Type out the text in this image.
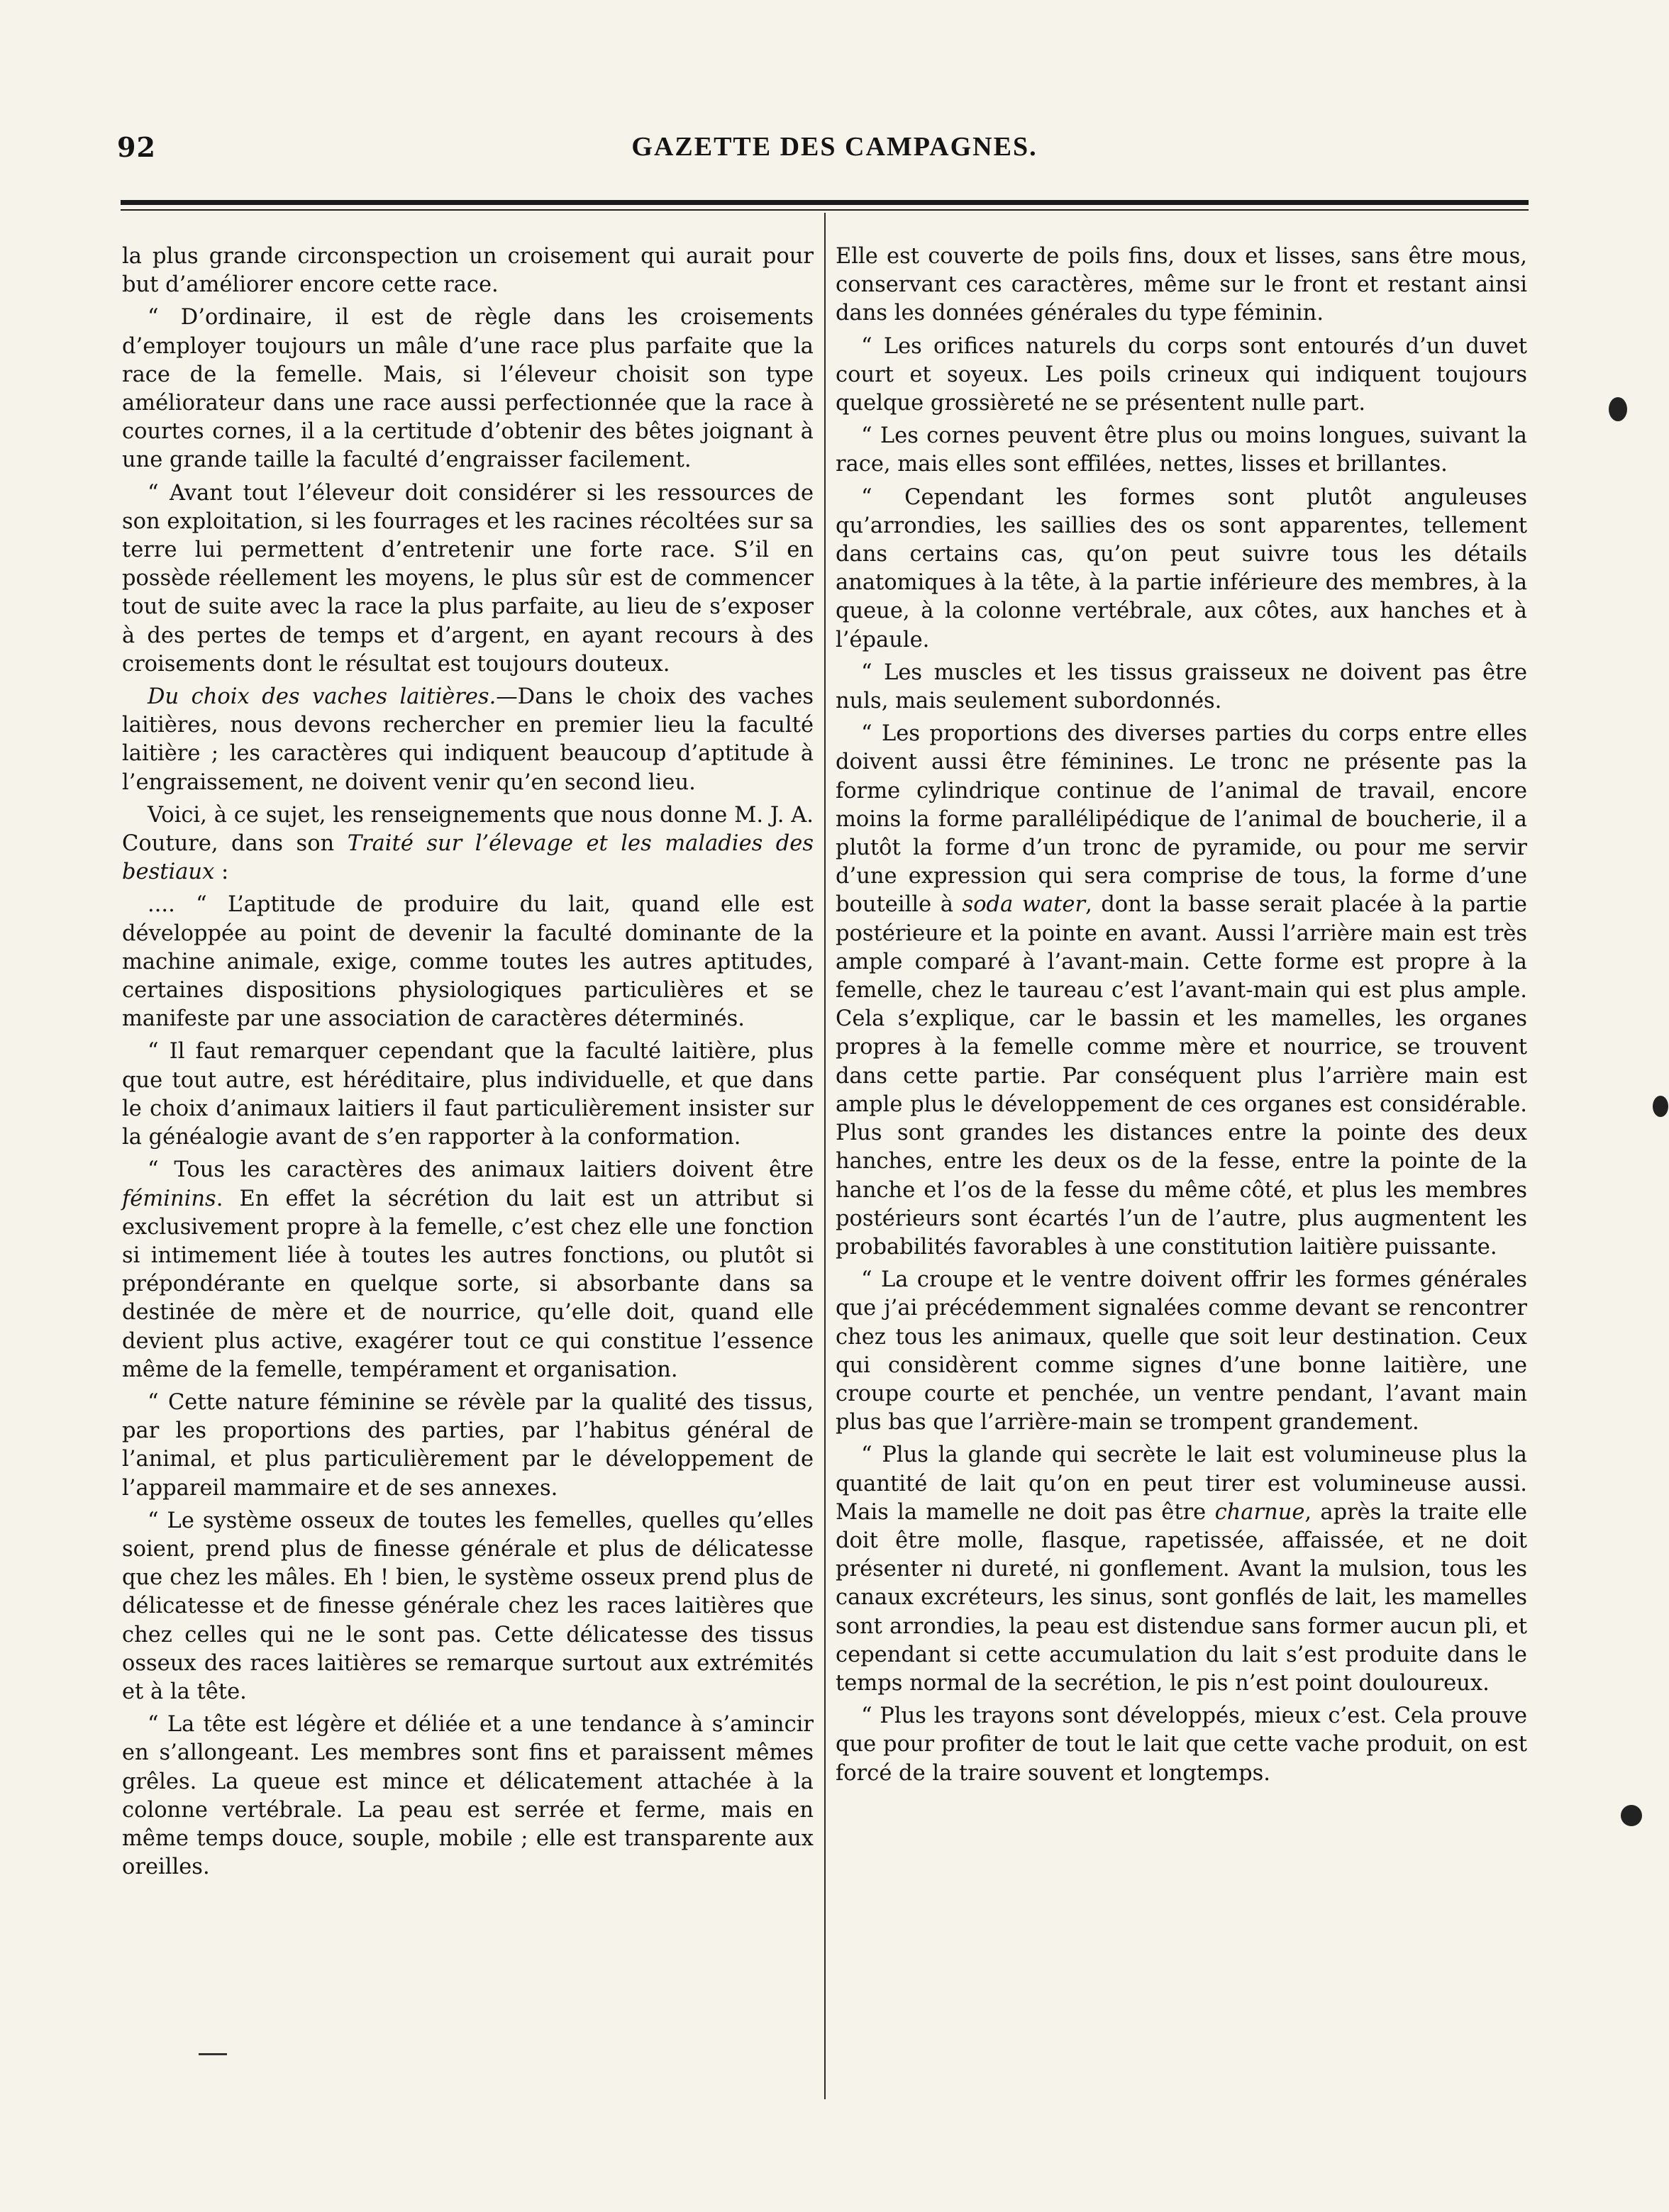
92	GAZETTE DES CAMPAGNES.

la plus grande circonspection un croisement qui aurait pour but d’améliorer encore cette race.

“ D’ordinaire, il est de règle dans les croisements d’employer toujours un mâle d’une race plus parfaite que la race de la femelle. Mais, si l’éleveur choisit son type améliorateur dans une race aussi perfectionnée que la race à courtes cornes, il a la certitude d’obtenir des bêtes joignant à une grande taille la faculté d’engraisser facilement.

“ Avant tout l’éleveur doit considérer si les ressources de son exploitation, si les fourrages et les racines récoltées sur sa terre lui permettent d’entretenir une forte race. S’il en possède réellement les moyens, le plus sûr est de commencer tout de suite avec la race la plus parfaite, au lieu de s’exposer à des pertes de temps et d’argent, en ayant recours à des croisements dont le résultat est toujours douteux.

Du choix des vaches laitières.—Dans le choix des vaches laitières, nous devons rechercher en premier lieu la faculté laitière ; les caractères qui indiquent beaucoup d’aptitude à l’engraissement, ne doivent venir qu’en second lieu.

Voici, à ce sujet, les renseignements que nous donne M. J. A. Couture, dans son Traité sur l’élevage et les maladies des bestiaux :

.... “ L’aptitude de produire du lait, quand elle est développée au point de devenir la faculté dominante de la machine animale, exige, comme toutes les autres aptitudes, certaines dispositions physiologiques particulières et se manifeste par une association de caractères déterminés.

“ Il faut remarquer cependant que la faculté laitière, plus que tout autre, est héréditaire, plus individuelle, et que dans le choix d’animaux laitiers il faut particulièrement insister sur la généalogie avant de s’en rapporter à la conformation.

“ Tous les caractères des animaux laitiers doivent être féminins. En effet la sécrétion du lait est un attribut si exclusivement propre à la femelle, c’est chez elle une fonction si intimement liée à toutes les autres fonctions, ou plutôt si prépondérante en quelque sorte, si absorbante dans sa destinée de mère et de nourrice, qu’elle doit, quand elle devient plus active, exagérer tout ce qui constitue l’essence même de la femelle, tempérament et organisation.

“ Cette nature féminine se révèle par la qualité des tissus, par les proportions des parties, par l’habitus général de l’animal, et plus particulièrement par le développement de l’appareil mammaire et de ses annexes.

“ Le système osseux de toutes les femelles, quelles qu’elles soient, prend plus de finesse générale et plus de délicatesse que chez les mâles. Eh ! bien, le système osseux prend plus de délicatesse et de finesse générale chez les races laitières que chez celles qui ne le sont pas. Cette délicatesse des tissus osseux des races laitières se remarque surtout aux extrémités et à la tête.

“ La tête est légère et déliée et a une tendance à s’amincir en s’allongeant. Les membres sont fins et paraissent mêmes grêles. La queue est mince et délicatement attachée à la colonne vertébrale. La peau est serrée et ferme, mais en même temps douce, souple, mobile ; elle est transparente aux oreilles.

Elle est couverte de poils fins, doux et lisses, sans être mous, conservant ces caractères, même sur le front et restant ainsi dans les données générales du type féminin.

“ Les orifices naturels du corps sont entourés d’un duvet court et soyeux. Les poils crineux qui indiquent toujours quelque grossièreté ne se présentent nulle part.

“ Les cornes peuvent être plus ou moins longues, suivant la race, mais elles sont effilées, nettes, lisses et brillantes.

“ Cependant les formes sont plutôt anguleuses qu’arrondies, les saillies des os sont apparentes, tellement dans certains cas, qu’on peut suivre tous les détails anatomiques à la tête, à la partie inférieure des membres, à la queue, à la colonne vertébrale, aux côtes, aux hanches et à l’épaule.

“ Les muscles et les tissus graisseux ne doivent pas être nuls, mais seulement subordonnés.

“ Les proportions des diverses parties du corps entre elles doivent aussi être féminines. Le tronc ne présente pas la forme cylindrique continue de l’animal de travail, encore moins la forme parallélipédique de l’animal de boucherie, il a plutôt la forme d’un tronc de pyramide, ou pour me servir d’une expression qui sera comprise de tous, la forme d’une bouteille à soda water, dont la basse serait placée à la partie postérieure et la pointe en avant. Aussi l’arrière main est très ample comparé à l’avant-main. Cette forme est propre à la femelle, chez le taureau c’est l’avant-main qui est plus ample. Cela s’explique, car le bassin et les mamelles, les organes propres à la femelle comme mère et nourrice, se trouvent dans cette partie. Par conséquent plus l’arrière main est ample plus le développement de ces organes est considérable. Plus sont grandes les distances entre la pointe des deux hanches, entre les deux os de la fesse, entre la pointe de la hanche et l’os de la fesse du même côté, et plus les membres postérieurs sont écartés l’un de l’autre, plus augmentent les probabilités favorables à une constitution laitière puissante.

“ La croupe et le ventre doivent offrir les formes générales que j’ai précédemment signalées comme devant se rencontrer chez tous les animaux, quelle que soit leur destination. Ceux qui considèrent comme signes d’une bonne laitière, une croupe courte et penchée, un ventre pendant, l’avant main plus bas que l’arrière-main se trompent grandement.

“ Plus la glande qui secrète le lait est volumineuse plus la quantité de lait qu’on en peut tirer est volumineuse aussi. Mais la mamelle ne doit pas être charnue, après la traite elle doit être molle, flasque, rapetissée, affaissée, et ne doit présenter ni dureté, ni gonflement. Avant la mulsion, tous les canaux excréteurs, les sinus, sont gonflés de lait, les mamelles sont arrondies, la peau est distendue sans former aucun pli, et cependant si cette accumulation du lait s’est produite dans le temps normal de la secrétion, le pis n’est point douloureux.

“ Plus les trayons sont développés, mieux c’est. Cela prouve que pour profiter de tout le lait que cette vache produit, on est forcé de la traire souvent et longtemps.
